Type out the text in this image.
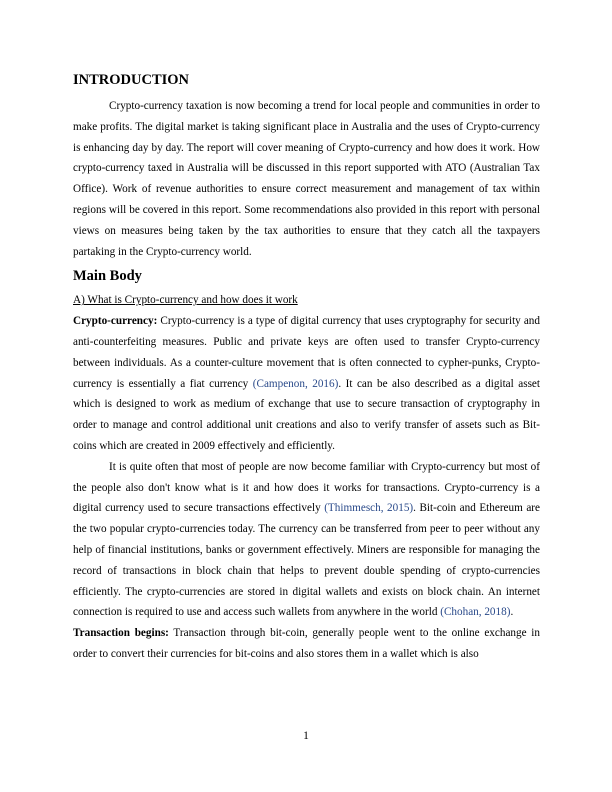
INTRODUCTION

Crypto-currency taxation is now becoming a trend for local people and communities in order to make profits. The digital market is taking significant place in Australia and the uses of Crypto-currency is enhancing day by day. The report will cover meaning of Crypto-currency and how does it work. How crypto-currency taxed in Australia will be discussed in this report supported with ATO (Australian Tax Office). Work of revenue authorities to ensure correct measurement and management of tax within regions will be covered in this report. Some recommendations also provided in this report with personal views on measures being taken by the tax authorities to ensure that they catch all the taxpayers partaking in the Crypto-currency world.

Main Body
A) What is Crypto-currency and how does it work

Crypto-currency: Crypto-currency is a type of digital currency that uses cryptography for security and anti-counterfeiting measures. Public and private keys are often used to transfer Crypto-currency between individuals. As a counter-culture movement that is often connected to cypher-punks, Crypto-currency is essentially a fiat currency (Campenon, 2016). It can be also described as a digital asset which is designed to work as medium of exchange that use to secure transaction of cryptography in order to manage and control additional unit creations and also to verify transfer of assets such as Bit-coins which are created in 2009 effectively and efficiently.

It is quite often that most of people are now become familiar with Crypto-currency but most of the people also don't know what is it and how does it works for transactions. Crypto-currency is a digital currency used to secure transactions effectively (Thimmesch, 2015). Bit-coin and Ethereum are the two popular crypto-currencies today. The currency can be transferred from peer to peer without any help of financial institutions, banks or government effectively. Miners are responsible for managing the record of transactions in block chain that helps to prevent double spending of crypto-currencies efficiently. The crypto-currencies are stored in digital wallets and exists on block chain. An internet connection is required to use and access such wallets from anywhere in the world (Chohan, 2018).

Transaction begins: Transaction through bit-coin, generally people went to the online exchange in order to convert their currencies for bit-coins and also stores them in a wallet which is also

1
